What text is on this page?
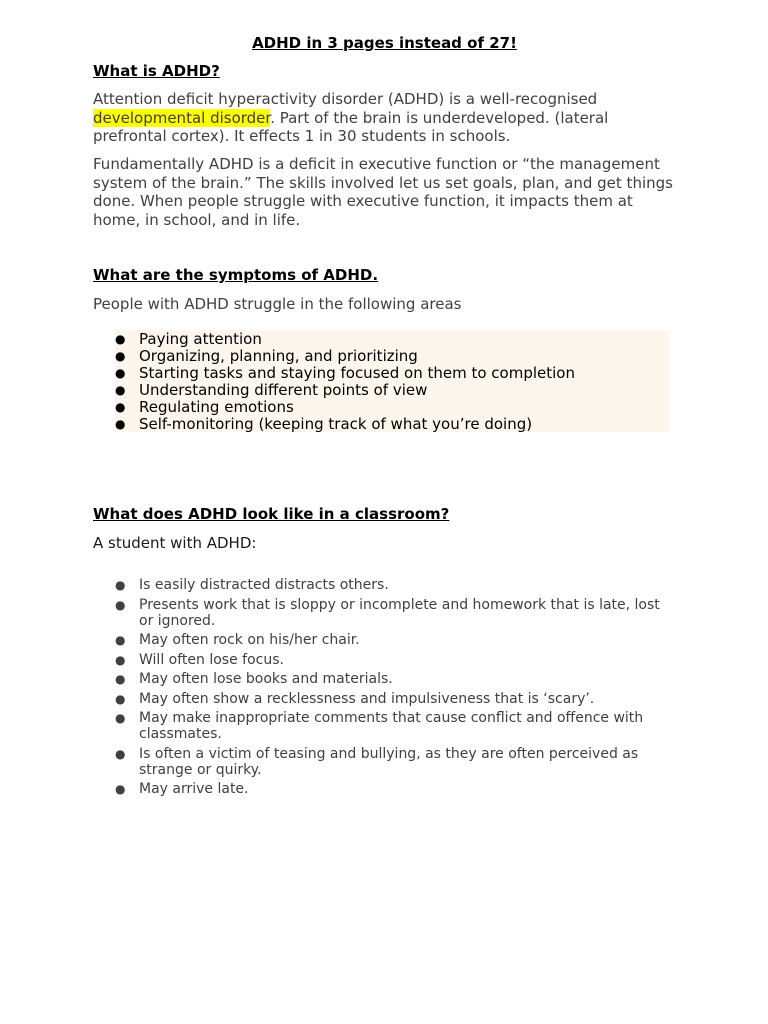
ADHD in 3 pages instead of 27!
What is ADHD?

Attention deficit hyperactivity disorder (ADHD) is a well-recognised developmental disorder. Part of the brain is underdeveloped. (lateral prefrontal cortex). It effects 1 in 30 students in schools.

Fundamentally ADHD is a deficit in executive function or “the management system of the brain.” The skills involved let us set goals, plan, and get things done. When people struggle with executive function, it impacts them at home, in school, and in life.

What are the symptoms of ADHD.

People with ADHD struggle in the following areas

● Paying attention
● Organizing, planning, and prioritizing
● Starting tasks and staying focused on them to completion
● Understanding different points of view
● Regulating emotions
● Self-monitoring (keeping track of what you’re doing)
What does ADHD look like in a classroom?

A student with ADHD:

● Is easily distracted distracts others.
● Presents work that is sloppy or incomplete and homework that is late, lost or ignored.
● May often rock on his/her chair.
● Will often lose focus.
● May often lose books and materials.
● May often show a recklessness and impulsiveness that is ‘scary’.
● May make inappropriate comments that cause conflict and offence with classmates.
● Is often a victim of teasing and bullying, as they are often perceived as strange or quirky.
● May arrive late.
